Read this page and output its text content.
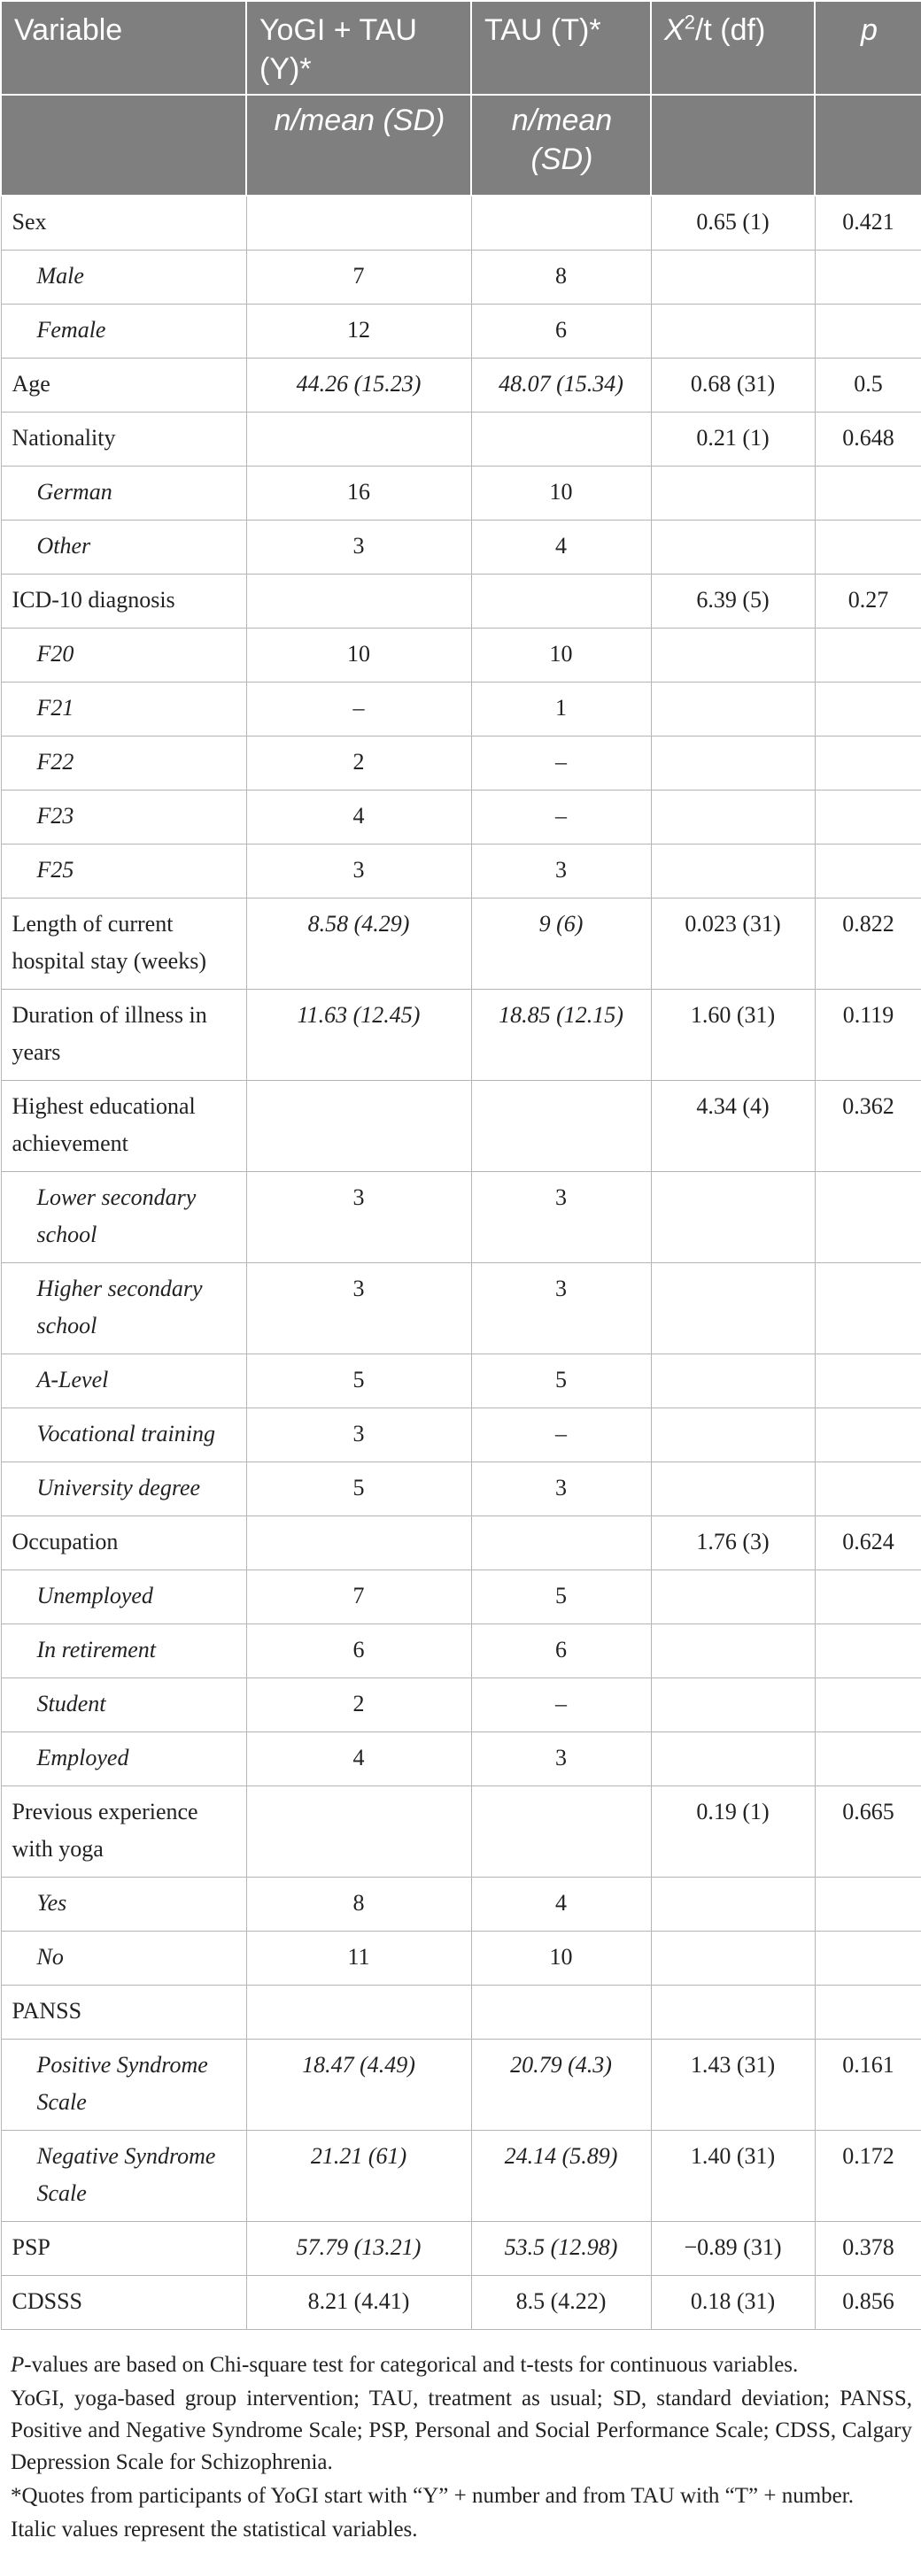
Variable	YoGI + TAU (Y)*	TAU (T)*	$X^2/t$ (df)	p
	n/mean (SD)	n/mean (SD)		
Sex			0.65 (1)	0.421
Male	7	8		
Female	12	6		
Age	44.26 (15.23)	48.07 (15.34)	0.68 (31)	0.5
Nationality			0.21 (1)	0.648
German	16	10		
Other	3	4		
ICD-10 diagnosis			6.39 (5)	0.27
F20	10	10		
F21	–	1		
F22	2	–		
F23	4	–		
F25	3	3		
Length of current hospital stay (weeks)	8.58 (4.29)	9 (6)	0.023 (31)	0.822
Duration of illness in years	11.63 (12.45)	18.85 (12.15)	1.60 (31)	0.119
Highest educational achievement			4.34 (4)	0.362
Lower secondary school	3	3		
Higher secondary school	3	3		
A-Level	5	5		
Vocational training	3	–		
University degree	5	3		
Occupation			1.76 (3)	0.624
Unemployed	7	5		
In retirement	6	6		
Student	2	–		
Employed	4	3		
Previous experience with yoga			0.19 (1)	0.665
Yes	8	4		
No	11	10		
PANSS				
Positive Syndrome Scale	18.47 (4.49)	20.79 (4.3)	1.43 (31)	0.161
Negative Syndrome Scale	21.21 (61)	24.14 (5.89)	1.40 (31)	0.172
PSP	57.79 (13.21)	53.5 (12.98)	−0.89 (31)	0.378
CDSSS	8.21 (4.41)	8.5 (4.22)	0.18 (31)	0.856

P-values are based on Chi-square test for categorical and t-tests for continuous variables.

YoGI, yoga-based group intervention; TAU, treatment as usual; SD, standard deviation; PANSS, Positive and Negative Syndrome Scale; PSP, Personal and Social Performance Scale; CDSS, Calgary Depression Scale for Schizophrenia.

*Quotes from participants of YoGI start with “Y” + number and from TAU with “T” + number.

Italic values represent the statistical variables.
